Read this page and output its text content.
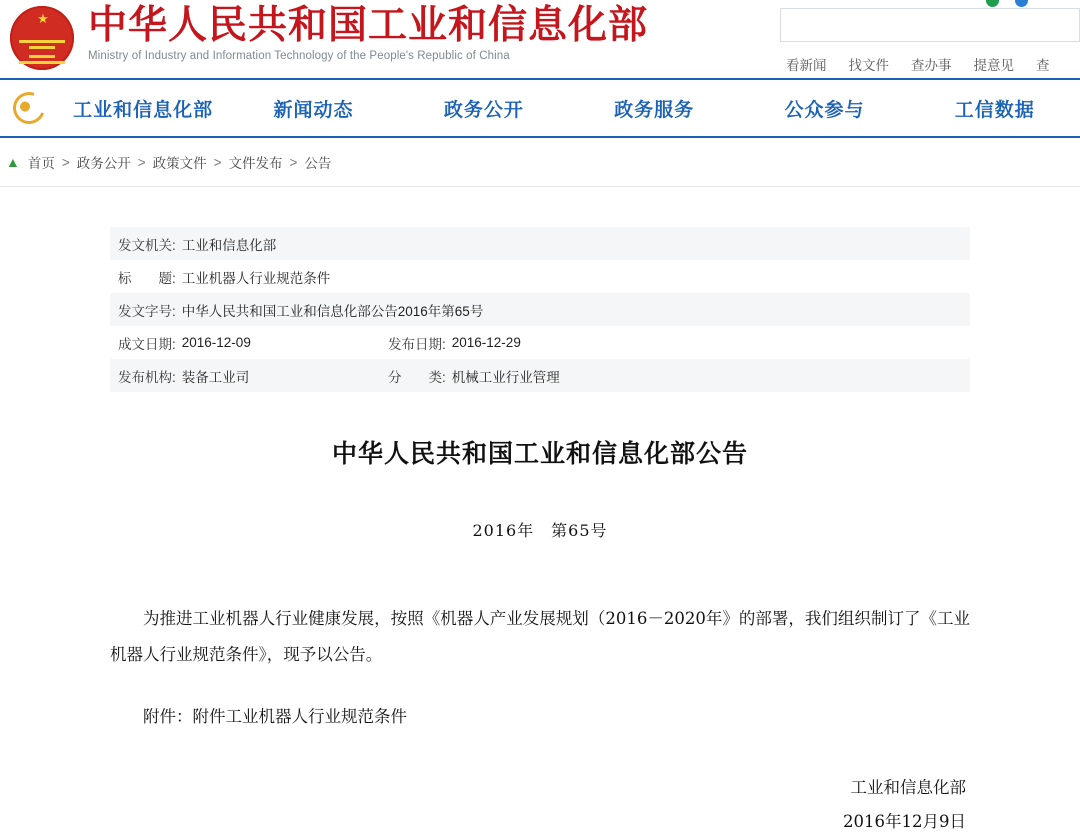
★ 中华人民共和国工业和信息化部
Ministry of Industry and Information Technology of the People's Republic of China
看新闻 找文件 查办事 提意见 查
工业和信息化部	新闻动态	政务公开	政务服务	公众参与	工信数据
▲ 首页 > 政务公开 > 政策文件 > 文件发布 > 公告
发文机关: 工业和信息化部
标　　题: 工业机器人行业规范条件
发文字号: 中华人民共和国工业和信息化部公告2016年第65号
成文日期: 2016-12-09	发布日期: 2016-12-29
发布机构: 装备工业司	分　　类: 机械工业行业管理
中华人民共和国工业和信息化部公告
2016年　第65号

为推进工业机器人行业健康发展，按照《机器人产业发展规划（2016－2020年》的部署，我们组织制订了《工业机器人行业规范条件》，现予以公告。

附件：附件工业机器人行业规范条件
工业和信息化部
2016年12月9日
